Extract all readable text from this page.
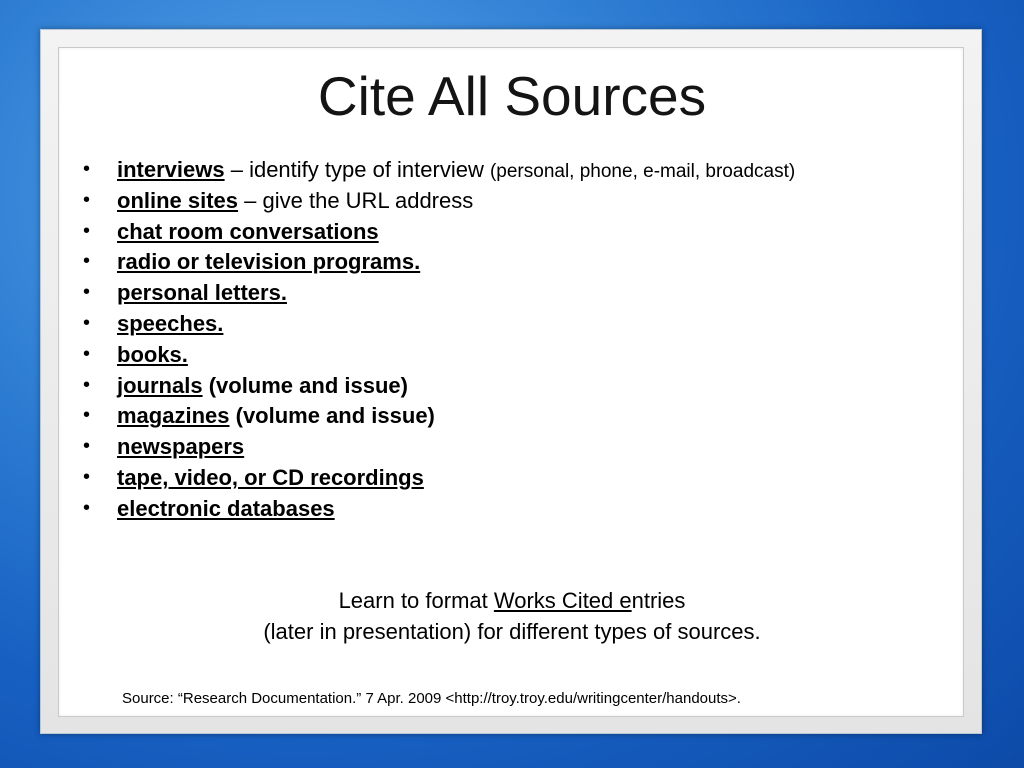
Cite All Sources
• interviews – identify type of interview (personal, phone, e-mail, broadcast)
• online sites – give the URL address
• chat room conversations
• radio or television programs.
• personal letters.
• speeches.
• books.
• journals (volume and issue)
• magazines (volume and issue)
• newspapers
• tape, video, or CD recordings
• electronic databases
Learn to format Works Cited entries
(later in presentation) for different types of sources.
Source: “Research Documentation.” 7 Apr. 2009 <http://troy.troy.edu/writingcenter/handouts>.
